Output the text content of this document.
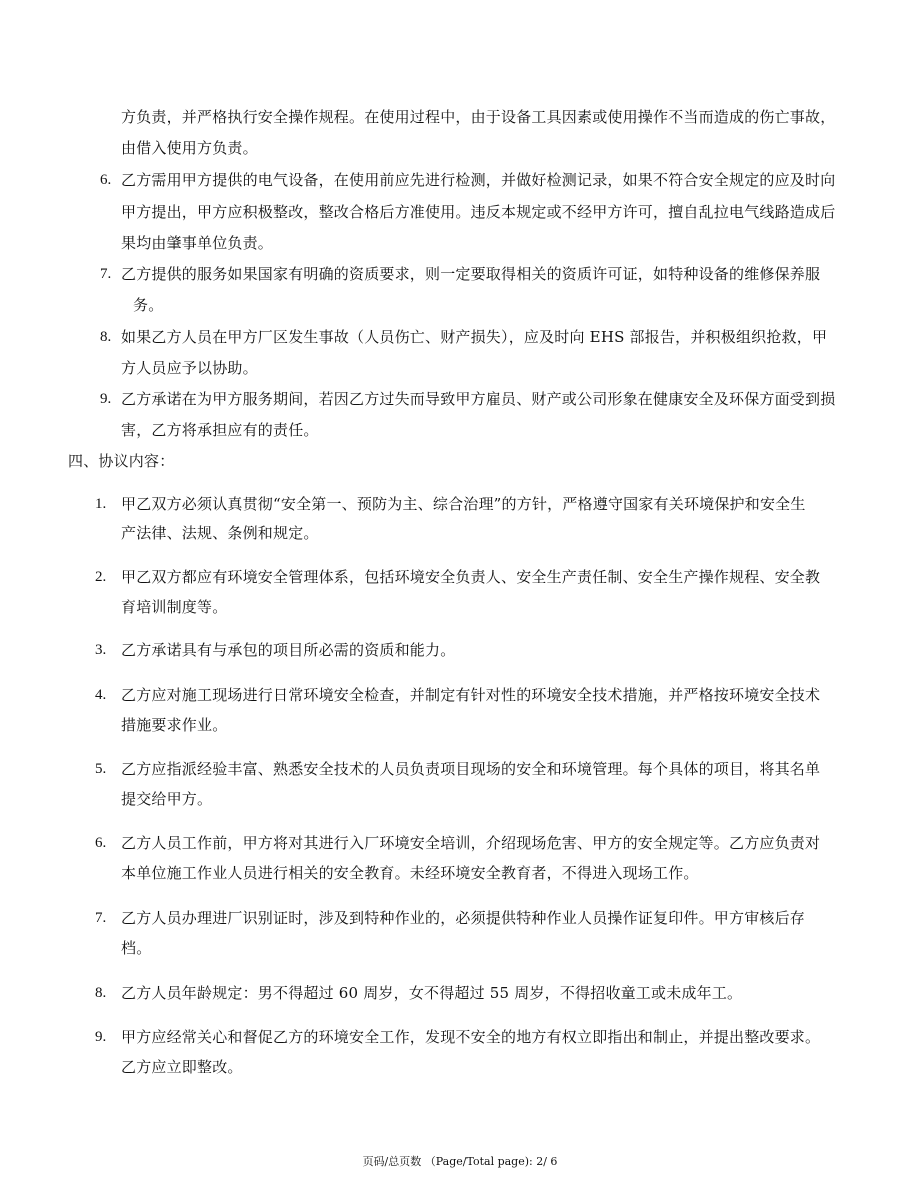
方负责，并严格执行安全操作规程。在使用过程中，由于设备工具因素或使用操作不当而造成的伤亡事故，
由借入使用方负责。
6. 乙方需用甲方提供的电气设备，在使用前应先进行检测，并做好检测记录，如果不符合安全规定的应及时向
甲方提出，甲方应积极整改，整改合格后方准使用。违反本规定或不经甲方许可，擅自乱拉电气线路造成后
果均由肇事单位负责。
7. 乙方提供的服务如果国家有明确的资质要求，则一定要取得相关的资质许可证，如特种设备的维修保养服
务。
8. 如果乙方人员在甲方厂区发生事故（人员伤亡、财产损失），应及时向 EHS 部报告，并积极组织抢救，甲
方人员应予以协助。
9. 乙方承诺在为甲方服务期间，若因乙方过失而导致甲方雇员、财产或公司形象在健康安全及环保方面受到损
害，乙方将承担应有的责任。
四、协议内容：
1. 甲乙双方必须认真贯彻“安全第一、预防为主、综合治理”的方针，严格遵守国家有关环境保护和安全生
产法律、法规、条例和规定。
2. 甲乙双方都应有环境安全管理体系，包括环境安全负责人、安全生产责任制、安全生产操作规程、安全教
育培训制度等。
3. 乙方承诺具有与承包的项目所必需的资质和能力。
4. 乙方应对施工现场进行日常环境安全检查，并制定有针对性的环境安全技术措施，并严格按环境安全技术
措施要求作业。
5. 乙方应指派经验丰富、熟悉安全技术的人员负责项目现场的安全和环境管理。每个具体的项目，将其名单
提交给甲方。
6. 乙方人员工作前，甲方将对其进行入厂环境安全培训，介绍现场危害、甲方的安全规定等。乙方应负责对
本单位施工作业人员进行相关的安全教育。未经环境安全教育者，不得进入现场工作。
7. 乙方人员办理进厂识别证时，涉及到特种作业的，必须提供特种作业人员操作证复印件。甲方审核后存
档。
8. 乙方人员年龄规定：男不得超过 60 周岁，女不得超过 55 周岁，不得招收童工或未成年工。
9. 甲方应经常关心和督促乙方的环境安全工作，发现不安全的地方有权立即指出和制止，并提出整改要求。
乙方应立即整改。
页码/总页数 （Page/Total page): 2/ 6
